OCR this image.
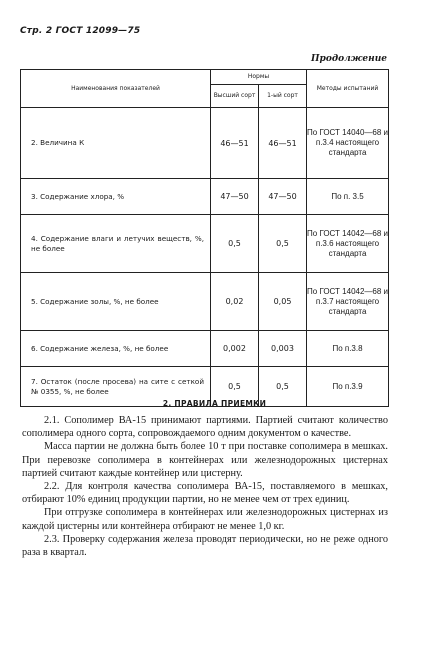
Стр. 2 ГОСТ 12099—75
Продолжение
Наименования показателей	Нормы		Методы испытаний
	Высший сорт	1-ый сорт	
2. Величина К	46—51	46—51	По ГОСТ 14040—68 и п.3.4 настоящего стандарта
3. Содержание хлора, %	47—50	47—50	По п. 3.5
4. Содержание влаги и летучих веществ, %, не более	0,5	0,5	По ГОСТ 14042—68 и п.3.6 настоящего стандарта
5. Содержание золы, %, не более	0,02	0,05	По ГОСТ 14042—68 и п.3.7 настоящего стандарта
6. Содержание железа, %, не более	0,002	0,003	По п.3.8
7. Остаток (после просева) на сите с сеткой № 0355, %, не более	0,5	0,5	По п.3.9
2. ПРАВИЛА ПРИЕМКИ

2.1. Сополимер ВА-15 принимают партиями. Партией считают количество сополимера одного сорта, сопровождаемого одним документом о качестве.

Масса партии не должна быть более 10 т при поставке сополимера в мешках. При перевозке сополимера в контейнерах или железнодорожных цистернах партией считают каждые контейнер или цистерну.

2.2. Для контроля качества сополимера ВА-15, поставляемого в мешках, отбирают 10% единиц продукции партии, но не менее чем от трех единиц.

При отгрузке сополимера в контейнерах или железнодорожных цистернах из каждой цистерны или контейнера отбирают не менее 1,0 кг.

2.3. Проверку содержания железа проводят периодически, но не реже одного раза в квартал.
